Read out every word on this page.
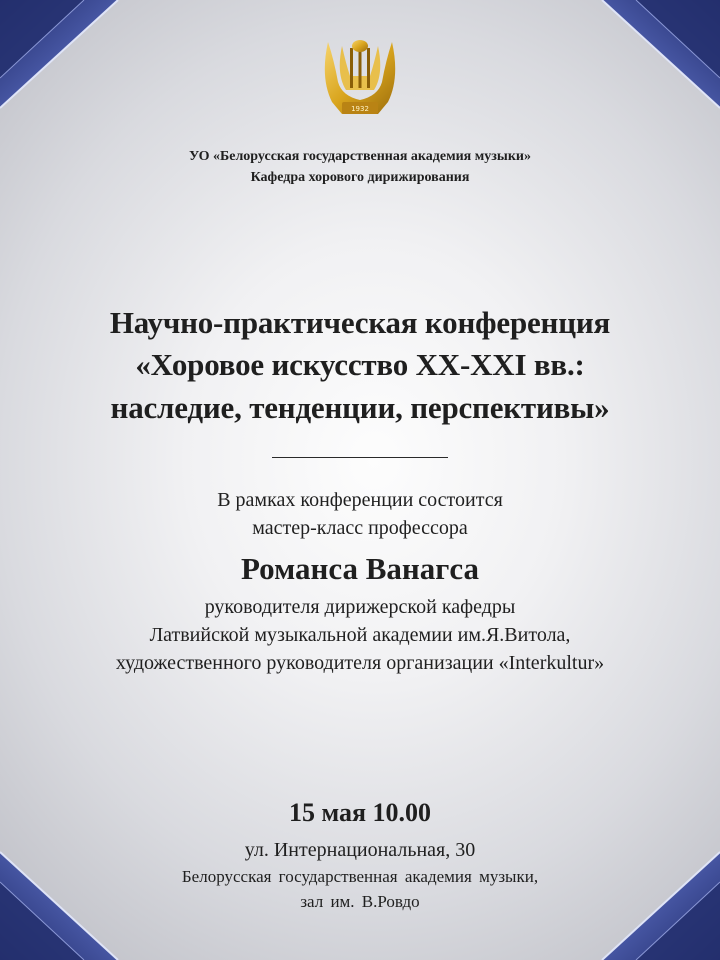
1932
УО «Белорусская государственная академия музыки»
Кафедра хорового дирижирования
Научно-практическая конференция
«Хоровое искусство XX-XXI вв.:
наследие, тенденции, перспективы»
В рамках конференции состоится
мастер-класс профессора
Романса Ванагса
руководителя дирижерской кафедры
Латвийской музыкальной академии им.Я.Витола,
художественного руководителя организации «Interkultur»
15 мая 10.00
ул. Интернациональная, 30
Белорусская государственная академия музыки,
зал им. В.Ровдо
